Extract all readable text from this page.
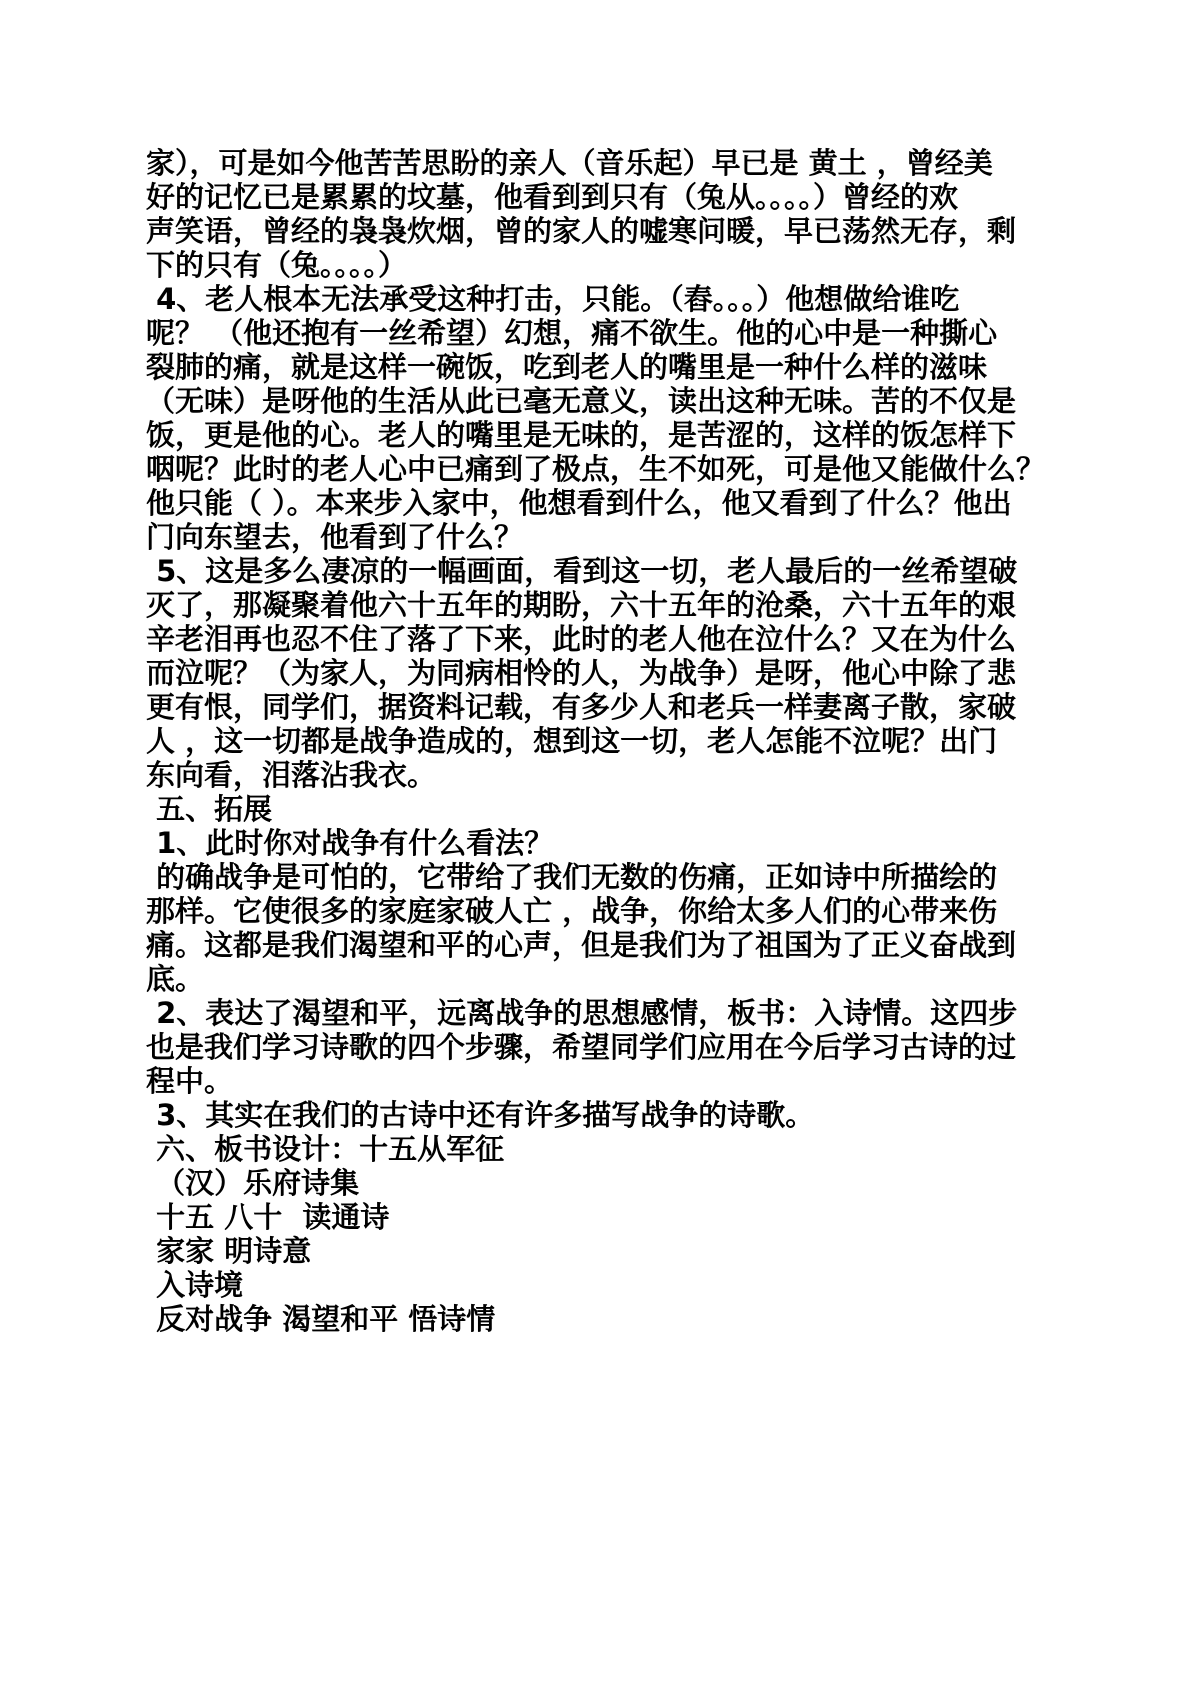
家），可是如今他苦苦思盼的亲人（音乐起）早已是 黄土 ，曾经美
好的记忆已是累累的坟墓，他看到到只有（兔从。。。。）曾经的欢
声笑语，曾经的袅袅炊烟，曾的家人的嘘寒问暖，早已荡然无存，剩
下的只有（兔。。。。）
4、老人根本无法承受这种打击，只能。（舂。。。）他想做给谁吃
呢？ （他还抱有一丝希望）幻想，痛不欲生。他的心中是一种撕心
裂肺的痛，就是这样一碗饭，吃到老人的嘴里是一种什么样的滋味
（无味）是呀他的生活从此已毫无意义，读出这种无味。苦的不仅是
饭，更是他的心。老人的嘴里是无味的，是苦涩的，这样的饭怎样下
咽呢？此时的老人心中已痛到了极点，生不如死，可是他又能做什么？
他只能（ ）。本来步入家中，他想看到什么，他又看到了什么？他出
门向东望去，他看到了什么？
5、这是多么凄凉的一幅画面，看到这一切，老人最后的一丝希望破
灭了，那凝聚着他六十五年的期盼，六十五年的沧桑，六十五年的艰
辛老泪再也忍不住了落了下来，此时的老人他在泣什么？又在为什么
而泣呢？（为家人，为同病相怜的人，为战争）是呀，他心中除了悲
更有恨，同学们，据资料记载，有多少人和老兵一样妻离子散，家破
人 ，这一切都是战争造成的，想到这一切，老人怎能不泣呢？出门
东向看，泪落沾我衣。
五、拓展
1、此时你对战争有什么看法？
的确战争是可怕的，它带给了我们无数的伤痛，正如诗中所描绘的
那样。它使很多的家庭家破人亡 ，战争，你给太多人们的心带来伤
痛。这都是我们渴望和平的心声，但是我们为了祖国为了正义奋战到
底。
2、表达了渴望和平，远离战争的思想感情，板书：入诗情。这四步
也是我们学习诗歌的四个步骤，希望同学们应用在今后学习古诗的过
程中。
3、其实在我们的古诗中还有许多描写战争的诗歌。
六、板书设计：十五从军征
（汉）乐府诗集
十五 八十  读通诗
家家 明诗意
入诗境
反对战争 渴望和平 悟诗情
